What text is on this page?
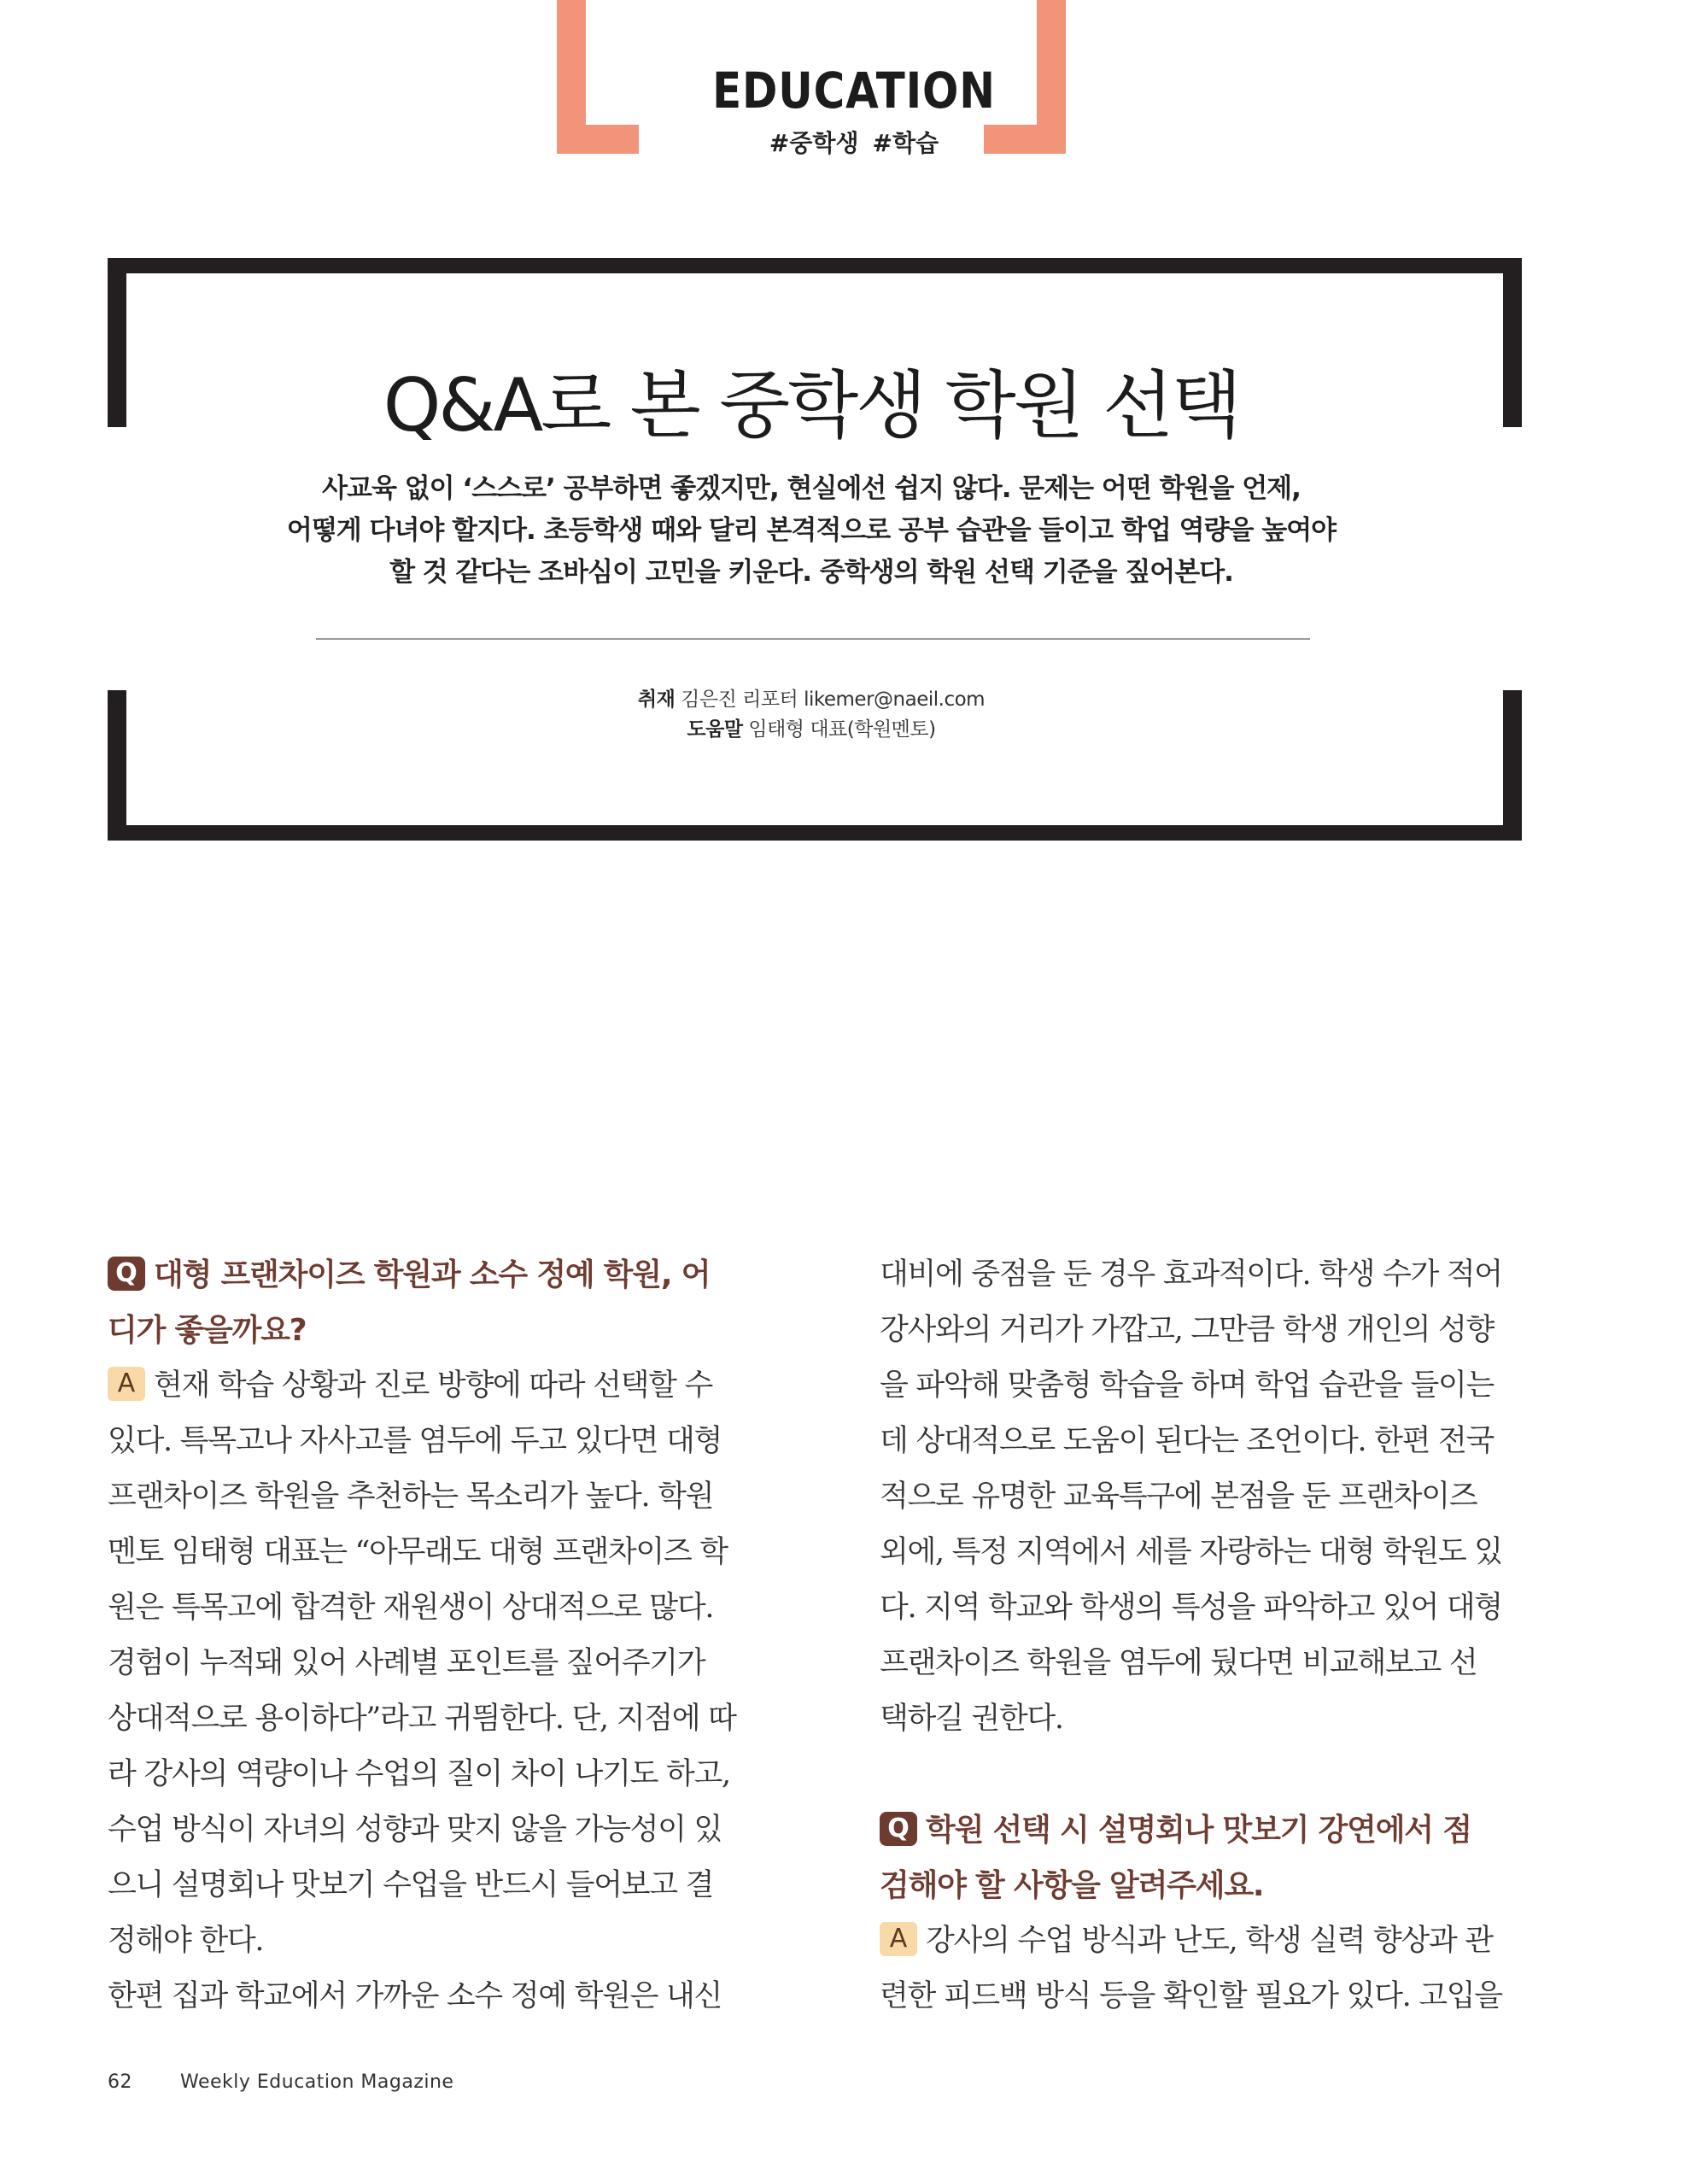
EDUCATION
#중학생 #학습
Q&A로 본 중학생 학원 선택
사교육 없이 ‘스스로’ 공부하면 좋겠지만, 현실에선 쉽지 않다. 문제는 어떤 학원을 언제,
어떻게 다녀야 할지다. 초등학생 때와 달리 본격적으로 공부 습관을 들이고 학업 역량을 높여야
할 것 같다는 조바심이 고민을 키운다. 중학생의 학원 선택 기준을 짚어본다.
취재 김은진 리포터 likemer@naeil.com
도움말 임태형 대표(학원멘토)
Q 대형 프랜차이즈 학원과 소수 정예 학원, 어
디가 좋을까요?
A 현재 학습 상황과 진로 방향에 따라 선택할 수
있다. 특목고나 자사고를 염두에 두고 있다면 대형
프랜차이즈 학원을 추천하는 목소리가 높다. 학원
멘토 임태형 대표는 “아무래도 대형 프랜차이즈 학
원은 특목고에 합격한 재원생이 상대적으로 많다.
경험이 누적돼 있어 사례별 포인트를 짚어주기가
상대적으로 용이하다”라고 귀띔한다. 단, 지점에 따
라 강사의 역량이나 수업의 질이 차이 나기도 하고,
수업 방식이 자녀의 성향과 맞지 않을 가능성이 있
으니 설명회나 맛보기 수업을 반드시 들어보고 결
정해야 한다.
한편 집과 학교에서 가까운 소수 정예 학원은 내신
대비에 중점을 둔 경우 효과적이다. 학생 수가 적어
강사와의 거리가 가깝고, 그만큼 학생 개인의 성향
을 파악해 맞춤형 학습을 하며 학업 습관을 들이는
데 상대적으로 도움이 된다는 조언이다. 한편 전국
적으로 유명한 교육특구에 본점을 둔 프랜차이즈
외에, 특정 지역에서 세를 자랑하는 대형 학원도 있
다. 지역 학교와 학생의 특성을 파악하고 있어 대형
프랜차이즈 학원을 염두에 뒀다면 비교해보고 선
택하길 권한다.
Q 학원 선택 시 설명회나 맛보기 강연에서 점
검해야 할 사항을 알려주세요.
A 강사의 수업 방식과 난도, 학생 실력 향상과 관
련한 피드백 방식 등을 확인할 필요가 있다. 고입을
62	Weekly Education Magazine
